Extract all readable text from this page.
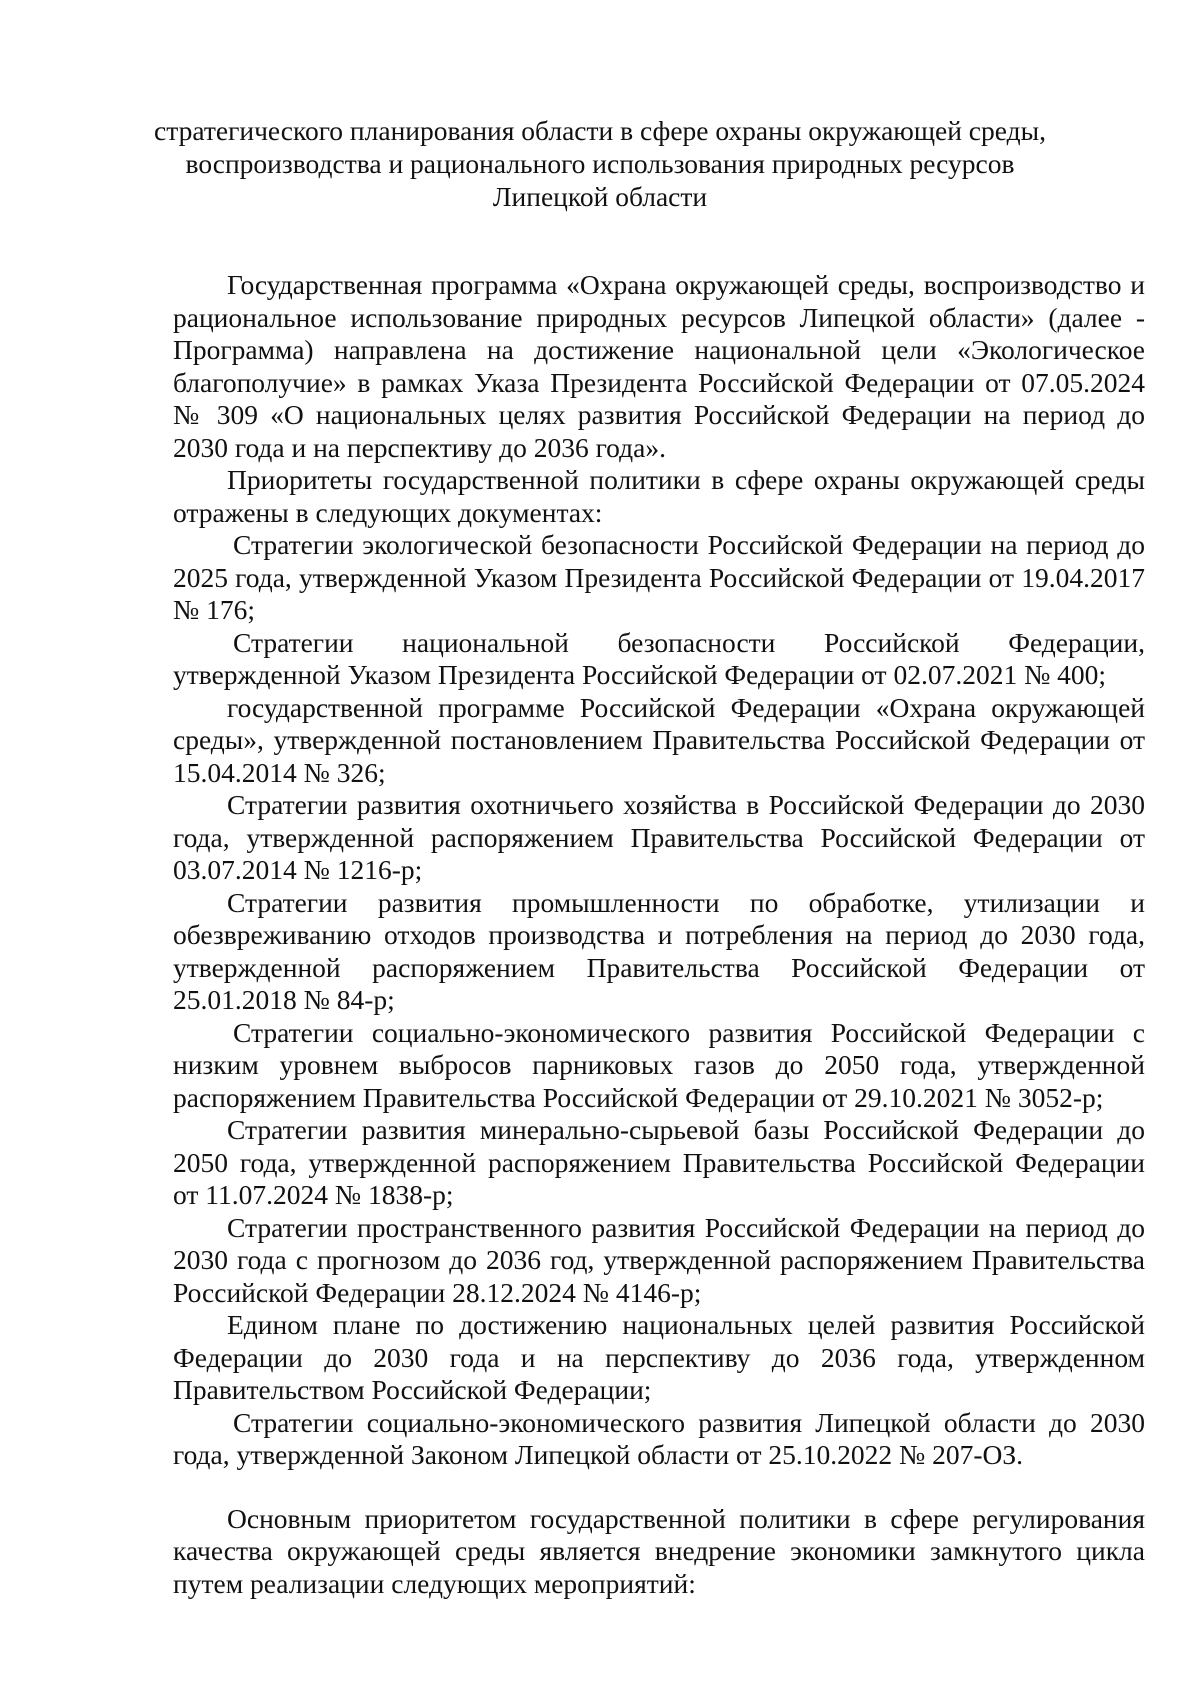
стратегического планирования области в сфере охраны окружающей среды,
воспроизводства и рационального использования природных ресурсов
Липецкой области

Государственная программа «Охрана окружающей среды, воспроизводство и рациональное использование природных ресурсов Липецкой области» (далее - Программа) направлена на достижение национальной цели «Экологическое благополучие» в рамках Указа Президента Российской Федерации от 07.05.2024 № 309 «О национальных целях развития Российской Федерации на период до 2030 года и на перспективу до 2036 года».

Приоритеты государственной политики в сфере охраны окружающей среды отражены в следующих документах:

Стратегии экологической безопасности Российской Федерации на период до 2025 года, утвержденной Указом Президента Российской Федерации от 19.04.2017 № 176;

Стратегии национальной безопасности Российской Федерации, утвержденной Указом Президента Российской Федерации от 02.07.2021 № 400;

государственной программе Российской Федерации «Охрана окружающей среды», утвержденной постановлением Правительства Российской Федерации от 15.04.2014 № 326;

Стратегии развития охотничьего хозяйства в Российской Федерации до 2030 года, утвержденной распоряжением Правительства Российской Федерации от 03.07.2014 № 1216-р;

Стратегии развития промышленности по обработке, утилизации и обезвреживанию отходов производства и потребления на период до 2030 года, утвержденной распоряжением Правительства Российской Федерации от 25.01.2018 № 84-р;

Стратегии социально-экономического развития Российской Федерации с низким уровнем выбросов парниковых газов до 2050 года, утвержденной распоряжением Правительства Российской Федерации от 29.10.2021 № 3052-р;

Стратегии развития минерально-сырьевой базы Российской Федерации до 2050 года, утвержденной распоряжением Правительства Российской Федерации от 11.07.2024 № 1838-р;

Стратегии пространственного развития Российской Федерации на период до 2030 года с прогнозом до 2036 год, утвержденной распоряжением Правительства Российской Федерации 28.12.2024 № 4146-р;

Едином плане по достижению национальных целей развития Российской Федерации до 2030 года и на перспективу до 2036 года, утвержденном Правительством Российской Федерации;

Стратегии социально-экономического развития Липецкой области до 2030 года, утвержденной Законом Липецкой области от 25.10.2022 № 207-ОЗ.

Основным приоритетом государственной политики в сфере регулирования качества окружающей среды является внедрение экономики замкнутого цикла путем реализации следующих мероприятий:
